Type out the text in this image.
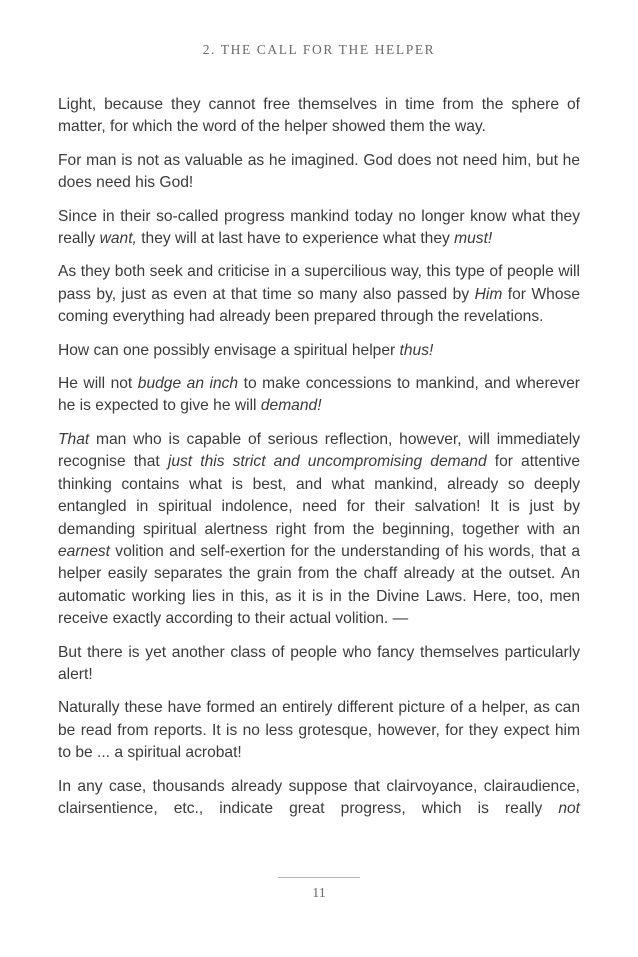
2. THE CALL FOR THE HELPER

Light, because they cannot free themselves in time from the sphere of matter, for which the word of the helper showed them the way.

For man is not as valuable as he imagined. God does not need him, but he does need his God!

Since in their so-called progress mankind today no longer know what they really want, they will at last have to experience what they must!

As they both seek and criticise in a supercilious way, this type of people will pass by, just as even at that time so many also passed by Him for Whose coming everything had already been prepared through the revelations.

How can one possibly envisage a spiritual helper thus!

He will not budge an inch to make concessions to mankind, and wherever he is expected to give he will demand!

That man who is capable of serious reflection, however, will immediately recognise that just this strict and uncompromising demand for attentive thinking contains what is best, and what mankind, already so deeply entangled in spiritual indolence, need for their salvation! It is just by demanding spiritual alertness right from the beginning, together with an earnest volition and self-exertion for the understanding of his words, that a helper easily separates the grain from the chaff already at the outset. An automatic working lies in this, as it is in the Divine Laws. Here, too, men receive exactly according to their actual volition. —

But there is yet another class of people who fancy themselves particularly alert!

Naturally these have formed an entirely different picture of a helper, as can be read from reports. It is no less grotesque, however, for they expect him to be ... a spiritual acrobat!

In any case, thousands already suppose that clairvoyance, clairaudience, clairsentience, etc., indicate great progress, which is really not

11
